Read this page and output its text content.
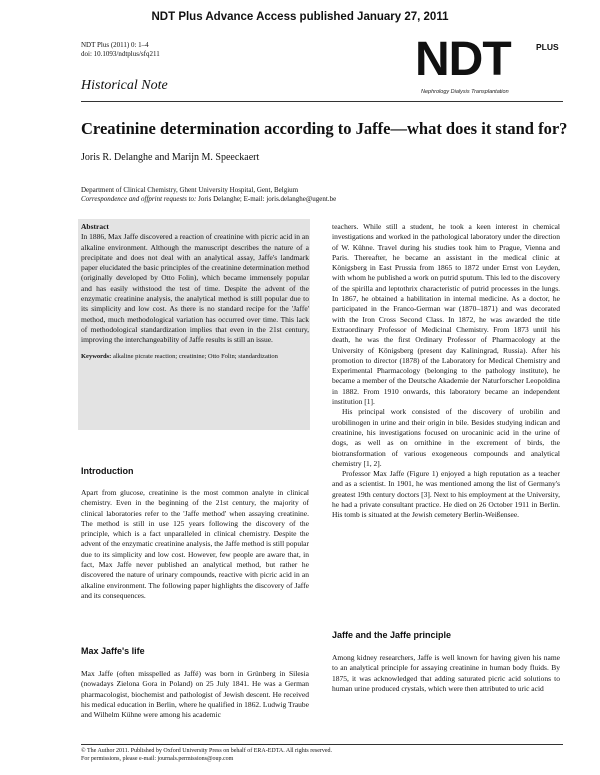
NDT Plus Advance Access published January 27, 2011
NDT Plus (2011) 0: 1–4
doi: 10.1093/ndtplus/sfq211	NDT	PLUS
Nephrology Dialysis Transplantation
Historical Note
Creatinine determination according to Jaffe—what does it stand for?
Joris R. Delanghe and Marijn M. Speeckaert
Department of Clinical Chemistry, Ghent University Hospital, Gent, Belgium
Correspondence and offprint requests to: Joris Delanghe; E-mail: joris.delanghe@ugent.be

Abstract

In 1886, Max Jaffe discovered a reaction of creatinine with picric acid in an alkaline environment. Although the manuscript describes the nature of a precipitate and does not deal with an analytical assay, Jaffe's landmark paper elucidated the basic principles of the creatinine determination method (originally developed by Otto Folin), which became immensely popular and has easily withstood the test of time. Despite the advent of the enzymatic creatinine analysis, the analytical method is still popular due to its simplicity and low cost. As there is no standard recipe for the 'Jaffe' method, much methodological variation has occurred over time. This lack of methodological standardization implies that even in the 21st century, improving the interchangeability of Jaffe results is still an issue.

Keywords: alkaline picrate reaction; creatinine; Otto Folin; standardization

Introduction
Apart from glucose, creatinine is the most common analyte in clinical chemistry. Even in the beginning of the 21st century, the majority of clinical laboratories refer to the 'Jaffe method' when assaying creatinine. The method is still in use 125 years following the discovery of the principle, which is a fact unparalleled in clinical chemistry. Despite the advent of the enzymatic creatinine analysis, the Jaffe method is still popular due to its simplicity and low cost. However, few people are aware that, in fact, Max Jaffe never published an analytical method, but rather he discovered the nature of urinary compounds, reactive with picric acid in an alkaline environment. The following paper highlights the discovery of Jaffe and its consequences.
Max Jaffe's life
Max Jaffe (often misspelled as Jaffé) was born in Grünberg in Silesia (nowadays Zielona Gora in Poland) on 25 July 1841. He was a German pharmacologist, biochemist and pathologist of Jewish descent. He received his medical education in Berlin, where he qualified in 1862. Ludwig Traube and Wilhelm Kühne were among his academic

teachers. While still a student, he took a keen interest in chemical investigations and worked in the pathological laboratory under the direction of W. Kühne. Travel during his studies took him to Prague, Vienna and Paris. Thereafter, he became an assistant in the medical clinic at Königsberg in East Prussia from 1865 to 1872 under Ernst von Leyden, with whom he published a work on putrid sputum. This led to the discovery of the spirilla and leptothrix characteristic of putrid processes in the lungs. In 1867, he obtained a habilitation in internal medicine. As a doctor, he participated in the Franco-German war (1870–1871) and was decorated with the Iron Cross Second Class. In 1872, he was awarded the title Extraordinary Professor of Medicinal Chemistry. From 1873 until his death, he was the first Ordinary Professor of Pharmacology at the University of Königsberg (present day Kaliningrad, Russia). After his promotion to director (1878) of the Laboratory for Medical Chemistry and Experimental Pharmacology (belonging to the pathology institute), he became a member of the Deutsche Akademie der Naturforscher Leopoldina in 1882. From 1910 onwards, this laboratory became an independent institution [1].

His principal work consisted of the discovery of urobilin and urobilinogen in urine and their origin in bile. Besides studying indican and creatinine, his investigations focused on urocaninic acid in the urine of dogs, as well as on ornithine in the excrement of birds, the biotransformation of various exogeneous compounds and analytical chemistry [1, 2].

Professor Max Jaffe (Figure 1) enjoyed a high reputation as a teacher and as a scientist. In 1901, he was mentioned among the list of Germany's greatest 19th century doctors [3]. Next to his employment at the University, he had a private consultant practice. He died on 26 October 1911 in Berlin. His tomb is situated at the Jewish cemetery Berlin-Weißensee.

Jaffe and the Jaffe principle
Among kidney researchers, Jaffe is well known for having given his name to an analytical principle for assaying creatinine in human body fluids. By 1875, it was acknowledged that adding saturated picric acid solutions to human urine produced crystals, which were then attributed to uric acid
© The Author 2011. Published by Oxford University Press on behalf of ERA-EDTA. All rights reserved.
For permissions, please e-mail: journals.permissions@oup.com
